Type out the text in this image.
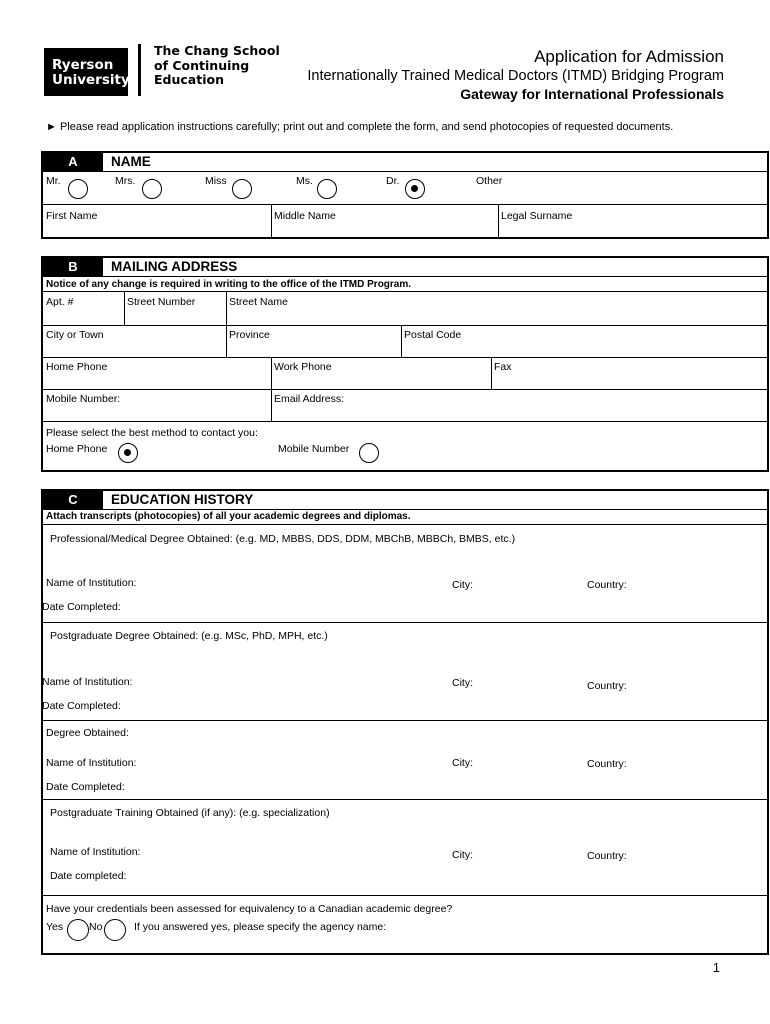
Ryerson
University
The Chang School
of Continuing
Education
Application for Admission
Internationally Trained Medical Doctors (ITMD) Bridging Program
Gateway for International Professionals
► Please read application instructions carefully; print out and complete the form, and send photocopies of requested documents.
A	NAME
Mr.	Mrs.	Miss	Ms.	Dr.	Other
First Name	Middle Name	Legal Surname
B	MAILING ADDRESS
Notice of any change is required in writing to the office of the ITMD Program.
Apt. #	Street Number	Street Name
City or Town	Province	Postal Code
Home Phone	Work Phone	Fax
Mobile Number:	Email Address:
Please select the best method to contact you:
Home Phone	Mobile Number
C	EDUCATION HISTORY
Attach transcripts (photocopies) of all your academic degrees and diplomas.
Professional/Medical Degree Obtained: (e.g. MD, MBBS, DDS, DDM, MBChB, MBBCh, BMBS, etc.)
Name of Institution:	City:	Country:
Date Completed:
Postgraduate Degree Obtained: (e.g. MSc, PhD, MPH, etc.)
Name of Institution:	City:	Country:
Date Completed:
Degree Obtained:
Name of Institution:	City:	Country:
Date Completed:
Postgraduate Training Obtained (if any): (e.g. specialization)
Name of Institution:	City:	Country:
Date completed:
Have your credentials been assessed for equivalency to a Canadian academic degree?
Yes No	If you answered yes, please specify the agency name:
1
